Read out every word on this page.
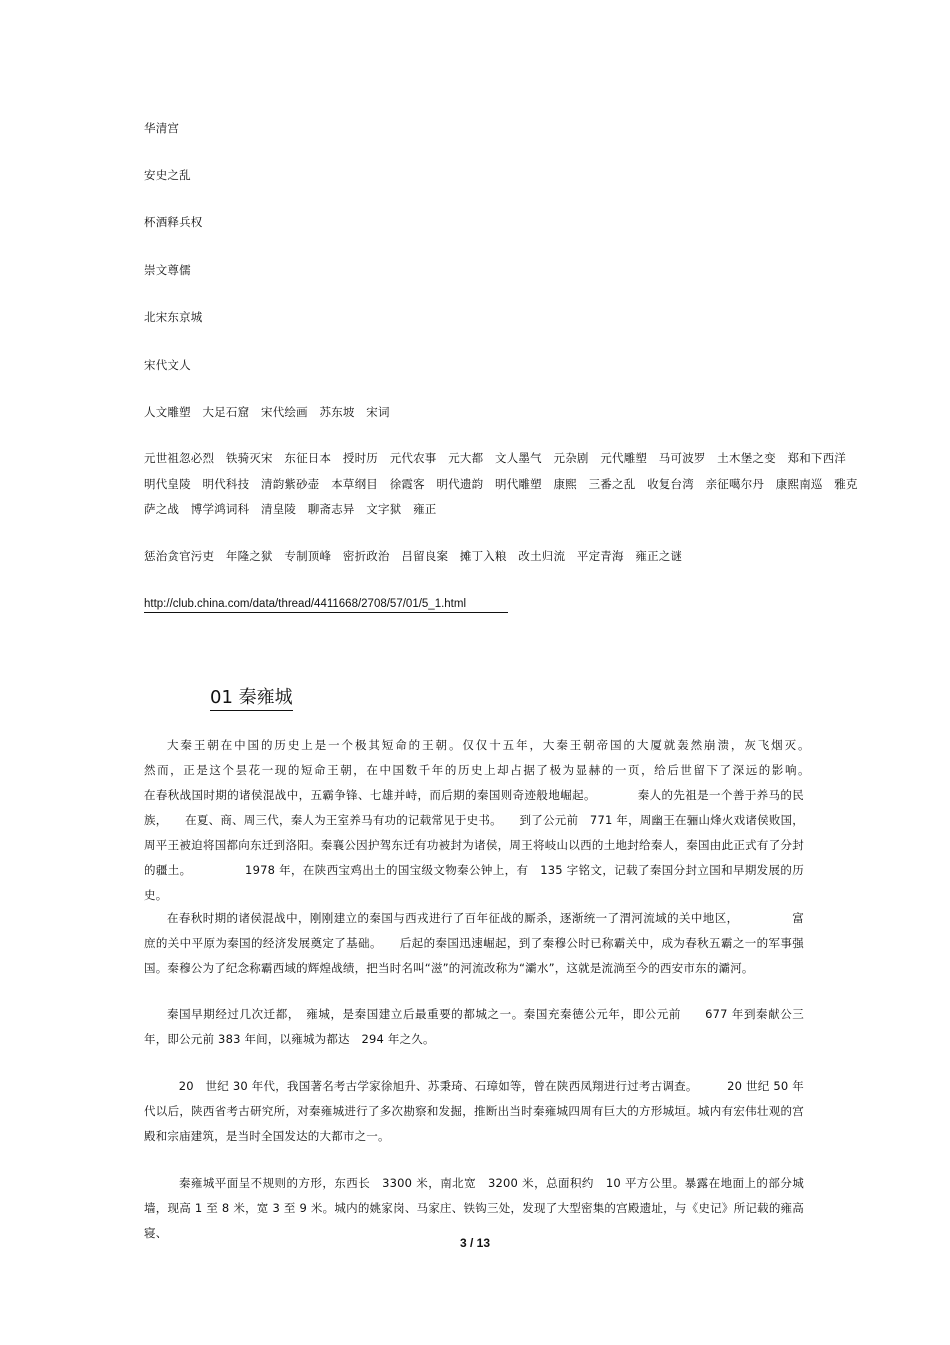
华清宫
安史之乱
杯酒释兵权
崇文尊儒
北宋东京城
宋代文人
人文雕塑　大足石窟　宋代绘画　苏东坡　宋词
元世祖忽必烈　铁骑灭宋　东征日本　授时历　元代农事　元大都　文人墨气　元杂剧　元代雕塑　马可波罗　土木堡之变　郑和下西洋
明代皇陵　明代科技　清韵紫砂壶　本草纲目　徐霞客　明代遗韵　明代雕塑　康熙　三番之乱　收复台湾　亲征噶尔丹　康熙南巡　雅克
萨之战　博学鸿词科　清皇陵　聊斋志异　文字狱　雍正
惩治贪官污吏　年隆之狱　专制顶峰　密折政治　吕留良案　摊丁入粮　改土归流　平定青海　雍正之谜
http://club.china.com/data/thread/4411668/2708/57/01/5_1.html
01 秦雍城

大秦王朝在中国的历史上是一个极其短命的王朝。仅仅十五年，大秦王朝帝国的大厦就轰然崩溃，灰飞烟灭。　　　　　　然而，正是这个昙花一现的短命王朝，在中国数千年的历史上却占据了极为显赫的一页，给后世留下了深远的影响。　　　　　　在春秋战国时期的诸侯混战中，五霸争锋、七雄并峙，而后期的秦国则奇迹般地崛起。　　　　秦人的先祖是一个善于养马的民族，　　在夏、商、周三代，秦人为王室养马有功的记载常见于史书。　　到了公元前　771 年，周幽王在骊山烽火戏诸侯败国，周平王被迫将国都向东迁到洛阳。秦襄公因护驾东迁有功被封为诸侯，周王将岐山以西的土地封给秦人，秦国由此正式有了分封的疆土。　　　　　1978 年，在陕西宝鸡出土的国宝级文物秦公钟上，有　135 字铭文，记载了秦国分封立国和早期发展的历史。

在春秋时期的诸侯混战中，刚刚建立的秦国与西戎进行了百年征战的厮杀，逐渐统一了渭河流域的关中地区，　　　　　富庶的关中平原为秦国的经济发展奠定了基础。　　后起的秦国迅速崛起，到了秦穆公时已称霸关中，成为春秋五霸之一的军事强国。秦穆公为了纪念称霸西域的辉煌战绩，把当时名叫“滋”的河流改称为“灞水”，这就是流淌至今的西安市东的灞河。

秦国早期经过几次迁都，　雍城，是秦国建立后最重要的都城之一。秦国充秦德公元年，即公元前　　677 年到秦献公三年，即公元前 383 年间，以雍城为都达　294 年之久。

　20　世纪 30 年代，我国著名考古学家徐旭升、苏秉琦、石璋如等，曾在陕西凤翔进行过考古调查。　　　20 世纪 50 年代以后，陕西省考古研究所，对秦雍城进行了多次勘察和发掘，推断出当时秦雍城四周有巨大的方形城垣。城内有宏伟壮观的宫殿和宗庙建筑，是当时全国发达的大都市之一。

　秦雍城平面呈不规则的方形，东西长　3300 米，南北宽　3200 米，总面积约　10 平方公里。暴露在地面上的部分城墙，现高 1 至 8 米，宽 3 至 9 米。城内的姚家岗、马家庄、铁钩三处，发现了大型密集的宫殿遗址，与《史记》所记载的雍高寝、

3 / 13
